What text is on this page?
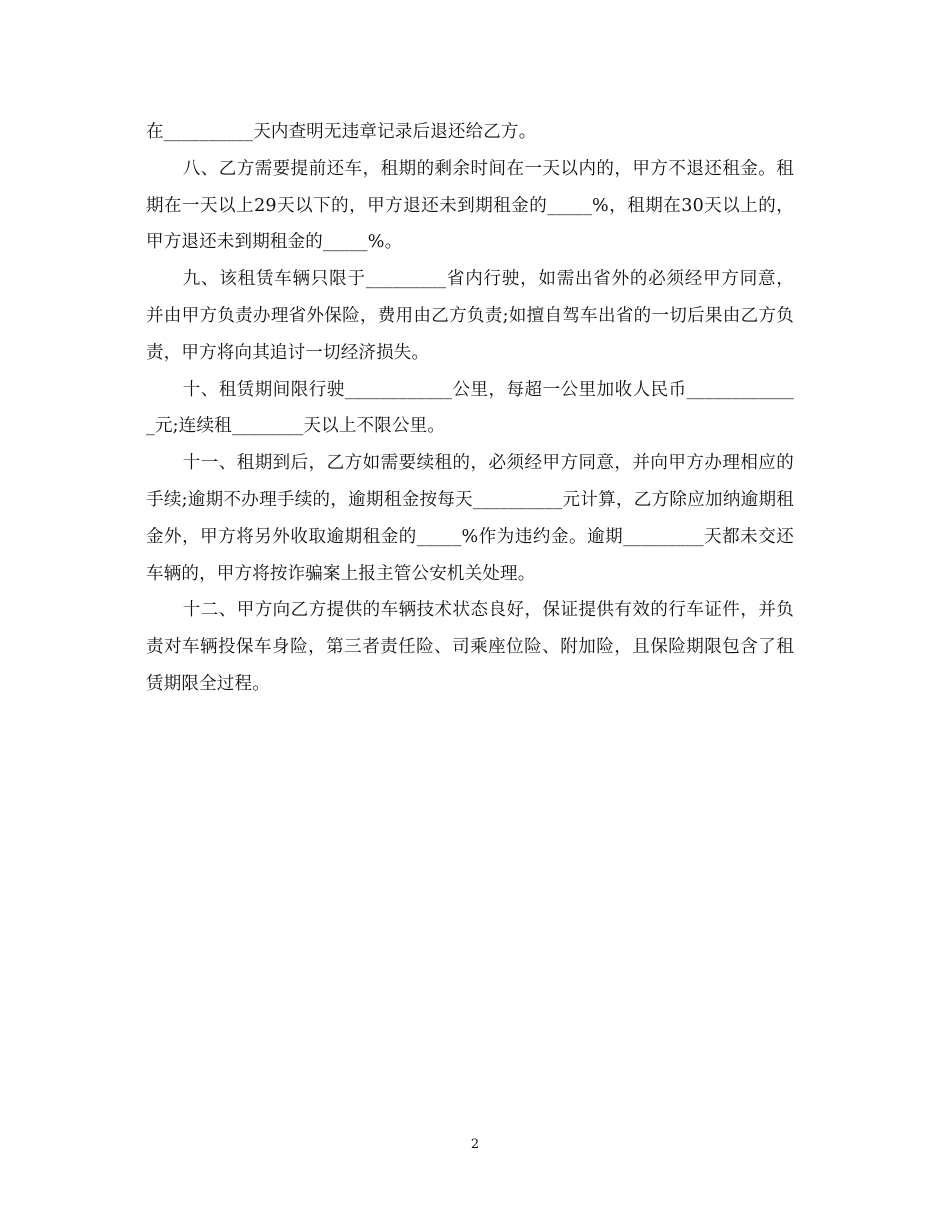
在__________天内查明无违章记录后退还给乙方。

八、乙方需要提前还车，租期的剩余时间在一天以内的，甲方不退还租金。租期在一天以上29天以下的，甲方退还未到期租金的_____%，租期在30天以上的，甲方退还未到期租金的_____%。

九、该租赁车辆只限于_________省内行驶，如需出省外的必须经甲方同意，并由甲方负责办理省外保险，费用由乙方负责;如擅自驾车出省的一切后果由乙方负责，甲方将向其追讨一切经济损失。

十、租赁期间限行驶____________公里，每超一公里加收人民币_____________元;连续租________天以上不限公里。

十一、租期到后，乙方如需要续租的，必须经甲方同意，并向甲方办理相应的手续;逾期不办理手续的，逾期租金按每天__________元计算，乙方除应加纳逾期租金外，甲方将另外收取逾期租金的_____%作为违约金。逾期_________天都未交还车辆的，甲方将按诈骗案上报主管公安机关处理。

十二、甲方向乙方提供的车辆技术状态良好，保证提供有效的行车证件，并负责对车辆投保车身险，第三者责任险、司乘座位险、附加险，且保险期限包含了租赁期限全过程。

2
